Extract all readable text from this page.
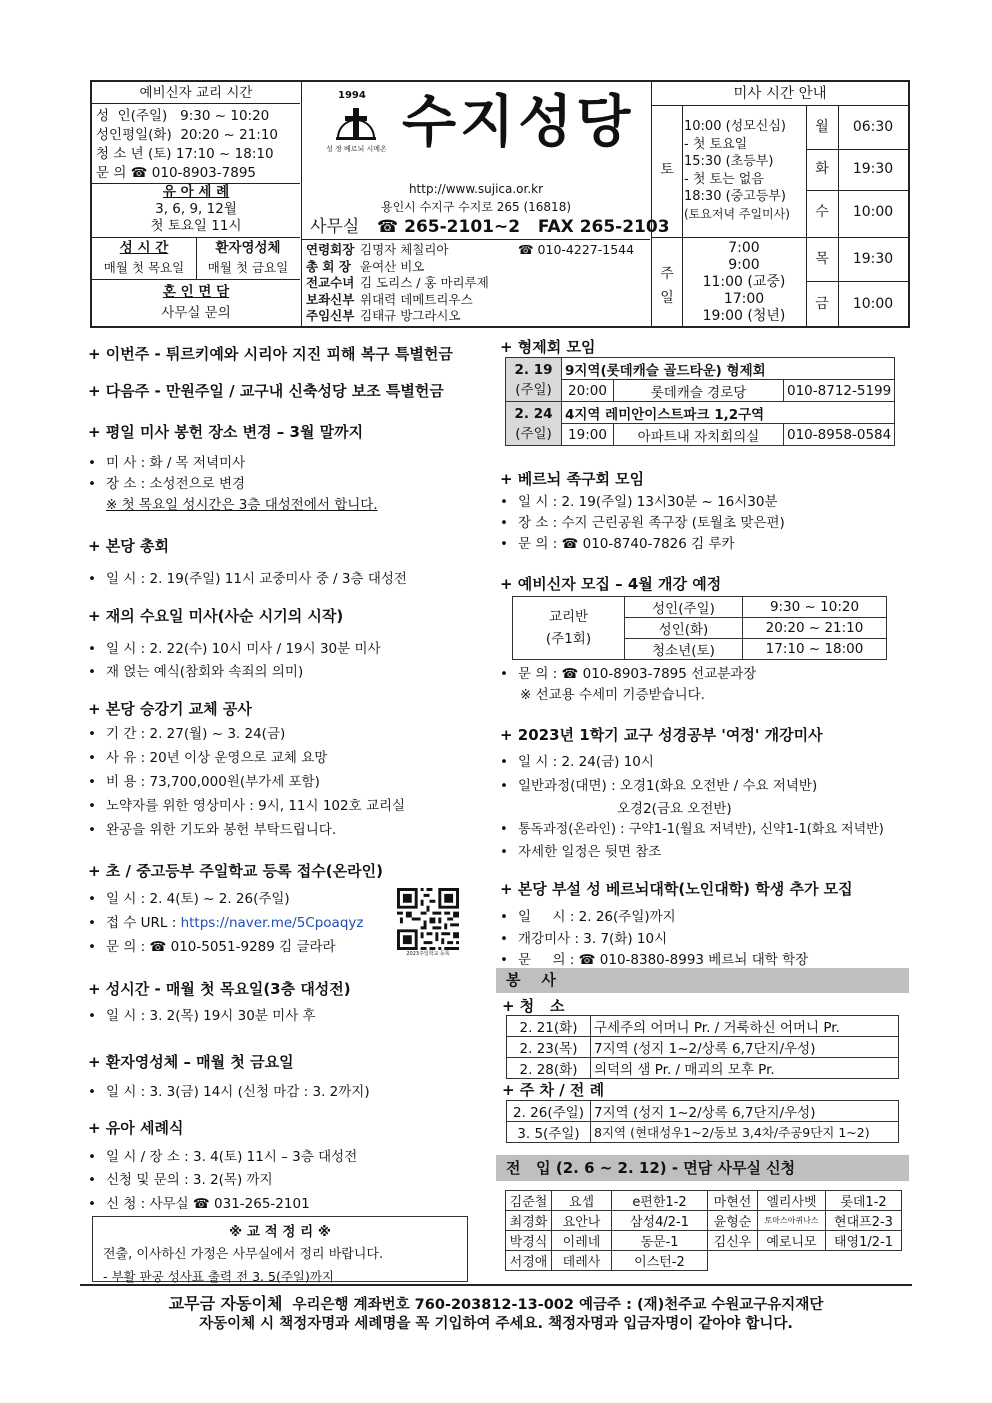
예비신자 교리 시간
성  인(주일)   9:30 ~ 10:20
성인평일(화)  20:20 ~ 21:10
청 소 년 (토) 17:10 ~ 18:10
문 의 ☎ 010-8903-7895
유 아 세 례
3, 6, 9, 12월
첫 토요일 11시
성 시 간
매월 첫 목요일
환자영성체
매월 첫 금요일
혼 인 면 담
사무실 문의
1994
성 정 베르뇌 시메온 수지성당
http://www.sujica.or.kr
용인시 수지구 수지로 265 (16818)
사무실 ☎ 265-2101~2 FAX 265-2103
연령회장 김명자 체칠리아	☎ 010-4227-1544
총 회 장 윤여산 비오
전교수녀 김 도리스 / 홍 마리루제
보좌신부 위대력 데메트리우스
주임신부 김태규 방그라시오
미사 시간 안내
토
10:00 (성모신심)
- 첫 토요일
15:30 (초등부)
- 첫 토는 없음
18:30 (중고등부)
(토요저녁 주일미사)
주일
7:00
9:00
11:00 (교중)
17:00
19:00 (청년)
월	06:30
화	19:30
수	10:00
목	19:30
금	10:00
+ 이번주 - 튀르키예와 시리아 지진 피해 복구 특별헌금
+ 다음주 - 만원주일 / 교구내 신축성당 보조 특별헌금
+ 평일 미사 봉헌 장소 변경 – 3월 말까지
• 미 사 : 화 / 목 저녁미사
• 장 소 : 소성전으로 변경
※ 첫 목요일 성시간은 3층 대성전에서 합니다.
+ 본당 총회
• 일 시 : 2. 19(주일) 11시 교중미사 중 / 3층 대성전
+ 재의 수요일 미사(사순 시기의 시작)
• 일 시 : 2. 22(수) 10시 미사 / 19시 30분 미사
• 재 얹는 예식(참회와 속죄의 의미)
+ 본당 승강기 교체 공사
• 기 간 : 2. 27(월) ~ 3. 24(금)
• 사 유 : 20년 이상 운영으로 교체 요망
• 비 용 : 73,700,000원(부가세 포함)
• 노약자를 위한 영상미사 : 9시, 11시 102호 교리실
• 완공을 위한 기도와 봉헌 부탁드립니다.
+ 초 / 중고등부 주일학교 등록 접수(온라인)
• 일 시 : 2. 4(토) ~ 2. 26(주일)
• 접 수 URL : https://naver.me/5Cpoaqyz
• 문 의 : ☎ 010-5051-9289 김 글라라	2023주일학교 등록
+ 성시간 - 매월 첫 목요일(3층 대성전)
• 일 시 : 3. 2(목) 19시 30분 미사 후
+ 환자영성체 – 매월 첫 금요일
• 일 시 : 3. 3(금) 14시 (신청 마감 : 3. 2까지)
+ 유아 세례식
• 일 시 / 장 소 : 3. 4(토) 11시 – 3층 대성전
• 신청 및 문의 : 3. 2(목) 까지
• 신 청 : 사무실 ☎ 031-265-2101
※ 교 적 정 리 ※
전출, 이사하신 가정은 사무실에서 정리 바랍니다.
- 부활 판공 성사표 출력 전 3. 5(주일)까지
+ 형제회 모임
2. 19
(주일)	9지역(롯데캐슬 골드타운) 형제회		
	20:00	롯데캐슬 경로당	010-8712-5199

2. 24
(주일)	4지역 레미안이스트파크 1,2구역		
	19:00	아파트내 자치회의실	010-8958-0584
+ 베르뇌 족구회 모임
• 일 시 : 2. 19(주일) 13시30분 ~ 16시30분
• 장 소 : 수지 근린공원 족구장 (토월초 맞은편)
• 문 의 : ☎ 010-8740-7826 김 루카
+ 예비신자 모집 – 4월 개강 예정
교리반
(주1회)	성인(주일)	9:30 ~ 10:20
	성인(화)	20:20 ~ 21:10
	청소년(토)	17:10 ~ 18:00
• 문 의 : ☎ 010-8903-7895 선교분과장
※ 선교용 수세미 기증받습니다.
+ 2023년 1학기 교구 성경공부 '여정' 개강미사
• 일 시 : 2. 24(금) 10시
• 일반과정(대면) : 오경1(화요 오전반 / 수요 저녁반)
오경2(금요 오전반)
• 통독과정(온라인) : 구약1-1(월요 저녁반), 신약1-1(화요 저녁반)
• 자세한 일정은 뒷면 참조
+ 본당 부설 성 베르뇌대학(노인대학) 학생 추가 모집
• 일     시 : 2. 26(주일)까지
• 개강미사 : 3. 7(화) 10시
• 문     의 : ☎ 010-8380-8993 베르뇌 대학 학장
봉    사
+ 청   소
2. 21(화)	구세주의 어머니 Pr. / 거룩하신 어머니 Pr.
2. 23(목)	7지역 (성지 1~2/상록 6,7단지/우성)
2. 28(화)	의덕의 샘 Pr. / 매괴의 모후 Pr.
+ 주 차 / 전 례
2. 26(주일)	7지역 (성지 1~2/상록 6,7단지/우성)
3. 5(주일)	8지역 (현대성우1~2/동보 3,4차/주공9단지 1~2)
전   입 (2. 6 ~ 2. 12) - 면담 사무실 신청
김준철	요셉	e편한1-2	마현선	엘리사벳	롯데1-2
최경화	요안나	삼성4/2-1	윤형순	토마스아퀴나스	현대프2-3
박경식	이레네	동문-1	김신우	예로니모	태영1/2-1
서경애	데레사	이스턴-2			
교무금 자동이체 우리은행 계좌번호 760-203812-13-002 예금주 : (재)천주교 수원교구유지재단
자동이체 시 책정자명과 세례명을 꼭 기입하여 주세요. 책정자명과 입금자명이 같아야 합니다.
